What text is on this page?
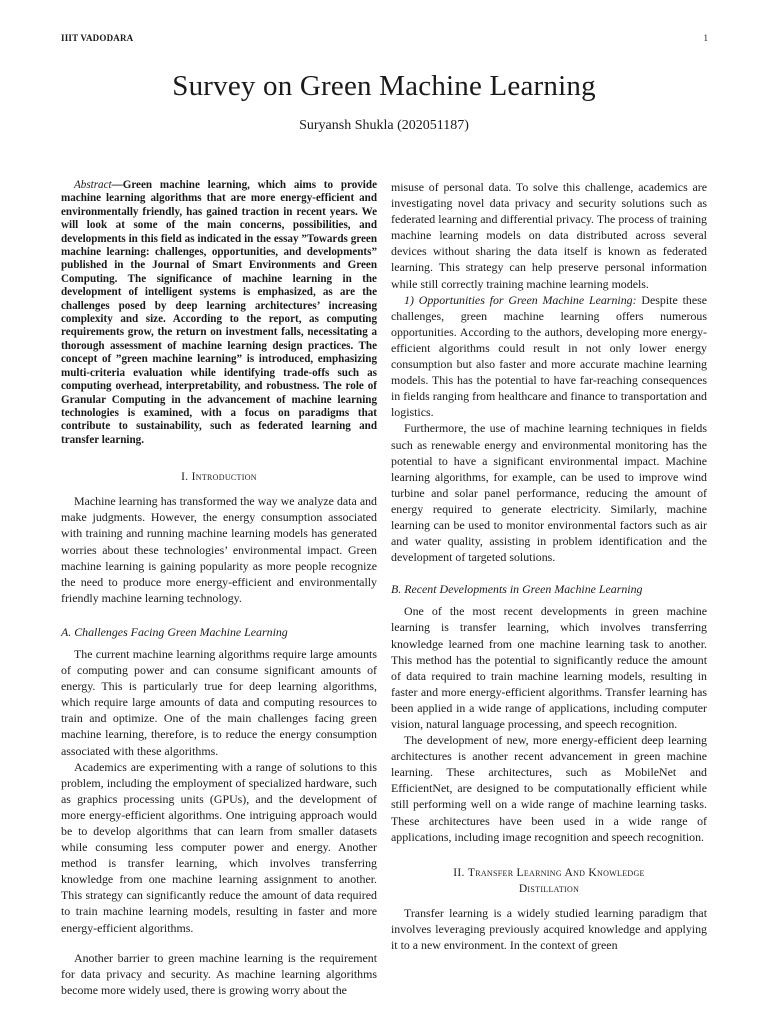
IIIT VADODARA	1
Survey on Green Machine Learning
Suryansh Shukla (202051187)

Abstract—Green machine learning, which aims to provide machine learning algorithms that are more energy-efficient and environmentally friendly, has gained traction in recent years. We will look at some of the main concerns, possibilities, and developments in this field as indicated in the essay ”Towards green machine learning: challenges, opportunities, and developments” published in the Journal of Smart Environments and Green Computing. The significance of machine learning in the development of intelligent systems is emphasized, as are the challenges posed by deep learning architectures’ increasing complexity and size. According to the report, as computing requirements grow, the return on investment falls, necessitating a thorough assessment of machine learning design practices. The concept of ”green machine learning” is introduced, emphasizing multi-criteria evaluation while identifying trade-offs such as computing overhead, interpretability, and robustness. The role of Granular Computing in the advancement of machine learning technologies is examined, with a focus on paradigms that contribute to sustainability, such as federated learning and transfer learning.

I. Introduction

Machine learning has transformed the way we analyze data and make judgments. However, the energy consumption associated with training and running machine learning models has generated worries about these technologies’ environmental impact. Green machine learning is gaining popularity as more people recognize the need to produce more energy-efficient and environmentally friendly machine learning technology.

A. Challenges Facing Green Machine Learning

The current machine learning algorithms require large amounts of computing power and can consume significant amounts of energy. This is particularly true for deep learning algorithms, which require large amounts of data and computing resources to train and optimize. One of the main challenges facing green machine learning, therefore, is to reduce the energy consumption associated with these algorithms.

Academics are experimenting with a range of solutions to this problem, including the employment of specialized hardware, such as graphics processing units (GPUs), and the development of more energy-efficient algorithms. One intriguing approach would be to develop algorithms that can learn from smaller datasets while consuming less computer power and energy. Another method is transfer learning, which involves transferring knowledge from one machine learning assignment to another. This strategy can significantly reduce the amount of data required to train machine learning models, resulting in faster and more energy-efficient algorithms.

Another barrier to green machine learning is the requirement for data privacy and security. As machine learning algorithms become more widely used, there is growing worry about the

misuse of personal data. To solve this challenge, academics are investigating novel data privacy and security solutions such as federated learning and differential privacy. The process of training machine learning models on data distributed across several devices without sharing the data itself is known as federated learning. This strategy can help preserve personal information while still correctly training machine learning models.

1) Opportunities for Green Machine Learning: Despite these challenges, green machine learning offers numerous opportunities. According to the authors, developing more energy-efficient algorithms could result in not only lower energy consumption but also faster and more accurate machine learning models. This has the potential to have far-reaching consequences in fields ranging from healthcare and finance to transportation and logistics.

Furthermore, the use of machine learning techniques in fields such as renewable energy and environmental monitoring has the potential to have a significant environmental impact. Machine learning algorithms, for example, can be used to improve wind turbine and solar panel performance, reducing the amount of energy required to generate electricity. Similarly, machine learning can be used to monitor environmental factors such as air and water quality, assisting in problem identification and the development of targeted solutions.

B. Recent Developments in Green Machine Learning

One of the most recent developments in green machine learning is transfer learning, which involves transferring knowledge learned from one machine learning task to another. This method has the potential to significantly reduce the amount of data required to train machine learning models, resulting in faster and more energy-efficient algorithms. Transfer learning has been applied in a wide range of applications, including computer vision, natural language processing, and speech recognition.

The development of new, more energy-efficient deep learning architectures is another recent advancement in green machine learning. These architectures, such as MobileNet and EfficientNet, are designed to be computationally efficient while still performing well on a wide range of machine learning tasks. These architectures have been used in a wide range of applications, including image recognition and speech recognition.

II. Transfer Learning And Knowledge
Distillation

Transfer learning is a widely studied learning paradigm that involves leveraging previously acquired knowledge and applying it to a new environment. In the context of green
